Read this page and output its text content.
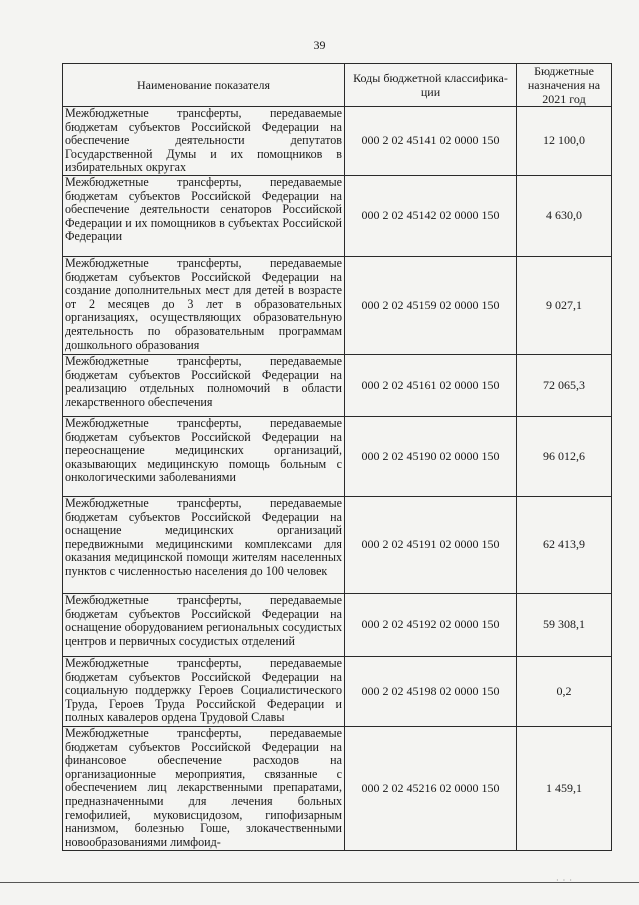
39
Наименование показателя	Коды бюджетной классифика-ции	Бюджетные назначения на 2021 год
Межбюджетные трансферты, передаваемые бюджетам субъектов Российской Федерации на обеспечение деятельности депутатов Государственной Думы и их помощников в избирательных округах	000 2 02 45141 02 0000 150	12 100,0
Межбюджетные трансферты, передаваемые бюджетам субъектов Российской Федерации на обеспечение деятельности сенаторов Российской Федерации и их помощников в субъектах Российской Федерации	000 2 02 45142 02 0000 150	4 630,0
Межбюджетные трансферты, передаваемые бюджетам субъектов Российской Федерации на создание дополнительных мест для детей в возрасте от 2 месяцев до 3 лет в образовательных организациях, осуществляющих образовательную деятельность по образовательным программам дошкольного образования	000 2 02 45159 02 0000 150	9 027,1
Межбюджетные трансферты, передаваемые бюджетам субъектов Российской Федерации на реализацию отдельных полномочий в области лекарственного обеспечения	000 2 02 45161 02 0000 150	72 065,3
Межбюджетные трансферты, передаваемые бюджетам субъектов Российской Федерации на переоснащение медицинских организаций, оказывающих медицинскую помощь больным с онкологическими заболеваниями	000 2 02 45190 02 0000 150	96 012,6
Межбюджетные трансферты, передаваемые бюджетам субъектов Российской Федерации на оснащение медицинских организаций передвижными медицинскими комплексами для оказания медицинской помощи жителям населенных пунктов с численностью населения до 100 человек	000 2 02 45191 02 0000 150	62 413,9
Межбюджетные трансферты, передаваемые бюджетам субъектов Российской Федерации на оснащение оборудованием региональных сосудистых центров и первичных сосудистых отделений	000 2 02 45192 02 0000 150	59 308,1
Межбюджетные трансферты, передаваемые бюджетам субъектов Российской Федерации на социальную поддержку Героев Социалистического Труда, Героев Труда Российской Федерации и полных кавалеров ордена Трудовой Славы	000 2 02 45198 02 0000 150	0,2
Межбюджетные трансферты, передаваемые бюджетам субъектов Российской Федерации на финансовое обеспечение расходов на организационные мероприятия, связанные с обеспечением лиц лекарственными препаратами, предназначенными для лечения больных гемофилией, муковисцидозом, гипофизарным нанизмом, болезнью Гоше, злокачественными новообразованиями лимфоид-	000 2 02 45216 02 0000 150	1 459,1
· · ·
